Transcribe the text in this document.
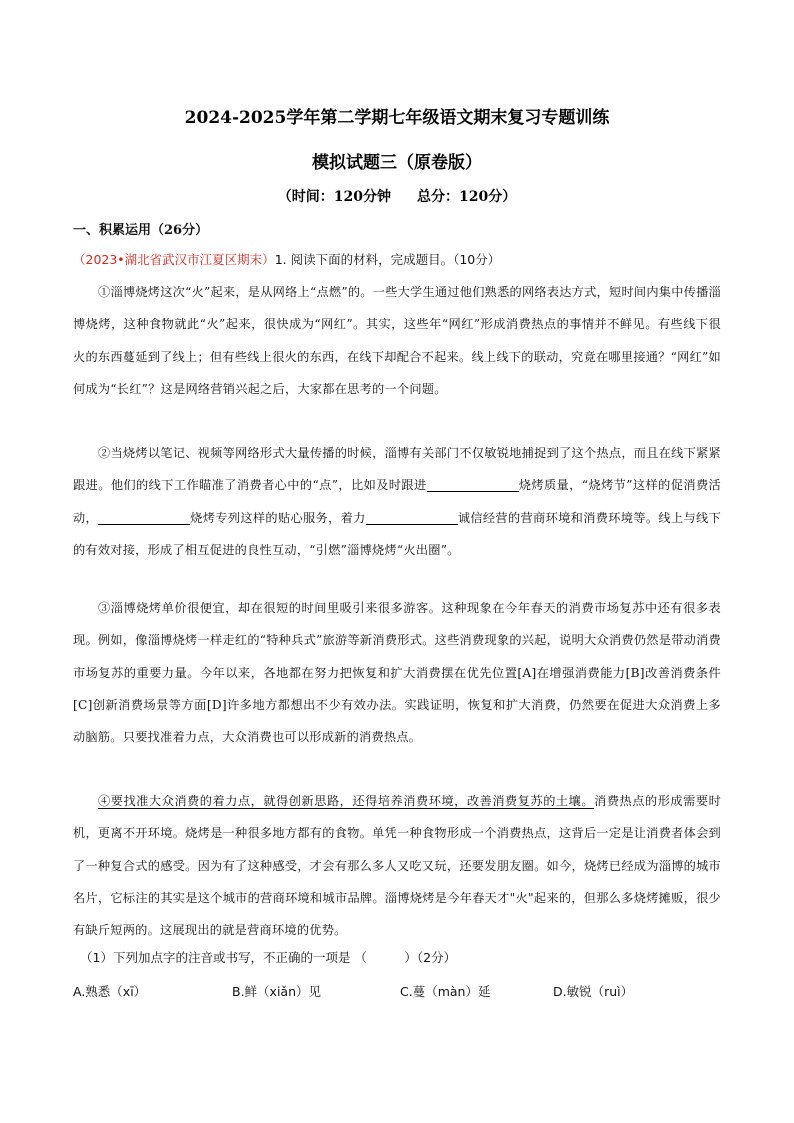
2024-2025学年第二学期七年级语文期末复习专题训练
模拟试题三（原卷版）
（时间：120分钟 总分：120分）
一、积累运用（26分）
（2023•湖北省武汉市江夏区期末）1. 阅读下面的材料，完成题目。（10分）

①淄博烧烤这次“火”起来，是从网络上“点燃”的。一些大学生通过他们熟悉的网络表达方式，短时间内集中传播淄博烧烤，这种食物就此“火”起来，很快成为“网红”。其实，这些年“网红”形成消费热点的事情并不鲜见。有些线下很火的东西蔓延到了线上；但有些线上很火的东西，在线下却配合不起来。线上线下的联动，究竟在哪里接通？“网红”如何成为“长红”？这是网络营销兴起之后，大家都在思考的一个问题。

②当烧烤以笔记、视频等网络形式大量传播的时候，淄博有关部门不仅敏锐地捕捉到了这个热点，而且在线下紧紧跟进。他们的线下工作瞄准了消费者心中的“点”，比如及时跟进	烧烤质量，“烧烤节”这样的促消费活动，	烧烤专列这样的贴心服务，着力	诚信经营的营商环境和消费环境等。线上与线下的有效对接，形成了相互促进的良性互动，“引燃”淄博烧烤“火出圈”。

③淄博烧烤单价很便宜，却在很短的时间里吸引来很多游客。这种现象在今年春天的消费市场复苏中还有很多表现。例如，像淄博烧烤一样走红的“特种兵式”旅游等新消费形式。这些消费现象的兴起，说明大众消费仍然是带动消费市场复苏的重要力量。今年以来，各地都在努力把恢复和扩大消费摆在优先位置[A]在增强消费能力[B]改善消费条件[C]创新消费场景等方面[D]许多地方都想出不少有效办法。实践证明，恢复和扩大消费，仍然要在促进大众消费上多动脑筋。只要找准着力点，大众消费也可以形成新的消费热点。

④要找准大众消费的着力点，就得创新思路，还得培养消费环境，改善消费复苏的土壤。消费热点的形成需要时机，更离不开环境。烧烤是一种很多地方都有的食物。单凭一种食物形成一个消费热点，这背后一定是让消费者体会到了一种复合式的感受。因为有了这种感受，才会有那么多人又吃又玩，还要发朋友圈。如今，烧烤已经成为淄博的城市名片，它标注的其实是这个城市的营商环境和城市品牌。淄博烧烤是今年春天才"火"起来的，但那么多烧烤摊贩，很少有缺斤短两的。这展现出的就是营商环境的优势。

（1）下列加点字的注音或书写，不正确的一项是 （　　　）（2分）
A.熟悉（xī）	B.鲜（xiǎn）见	C.蔓（màn）延	D.敏锐（ruì）
